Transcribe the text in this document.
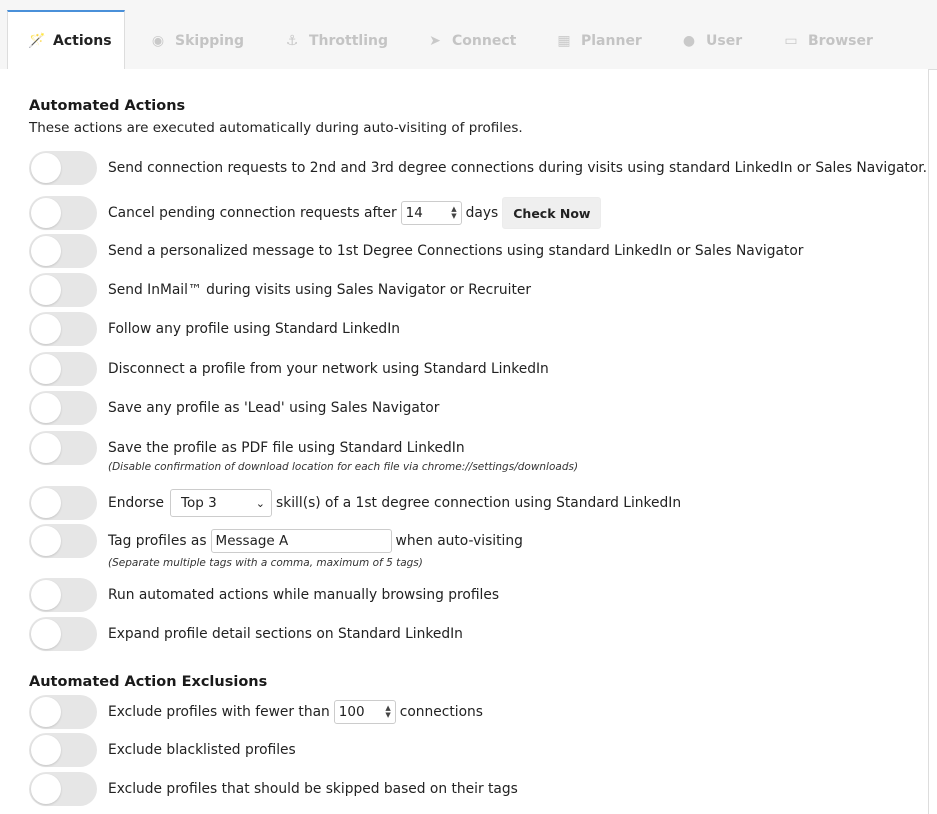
🪄 Actions	◉ Skipping	⚓ Throttling	➤ Connect	▦ Planner	● User	▭ Browser
Automated Actions
These actions are executed automatically during auto-visiting of profiles.
Send connection requests to 2nd and 3rd degree connections during visits using standard LinkedIn or Sales Navigator.
Cancel pending connection requests after 14	▲
▼ days	Check Now
Send a personalized message to 1st Degree Connections using standard LinkedIn or Sales Navigator
Send InMail™ during visits using Sales Navigator or Recruiter
Follow any profile using Standard LinkedIn
Disconnect a profile from your network using Standard LinkedIn
Save any profile as 'Lead' using Sales Navigator
Save the profile as PDF file using Standard LinkedIn
(Disable confirmation of download location for each file via chrome://settings/downloads)
Endorse Top 3	⌄ skill(s) of a 1st degree connection using Standard LinkedIn
Tag profiles as Message A	when auto-visiting
(Separate multiple tags with a comma, maximum of 5 tags)
Run automated actions while manually browsing profiles
Expand profile detail sections on Standard LinkedIn
Automated Action Exclusions
Exclude profiles with fewer than 100	▲
▼ connections
Exclude blacklisted profiles
Exclude profiles that should be skipped based on their tags
